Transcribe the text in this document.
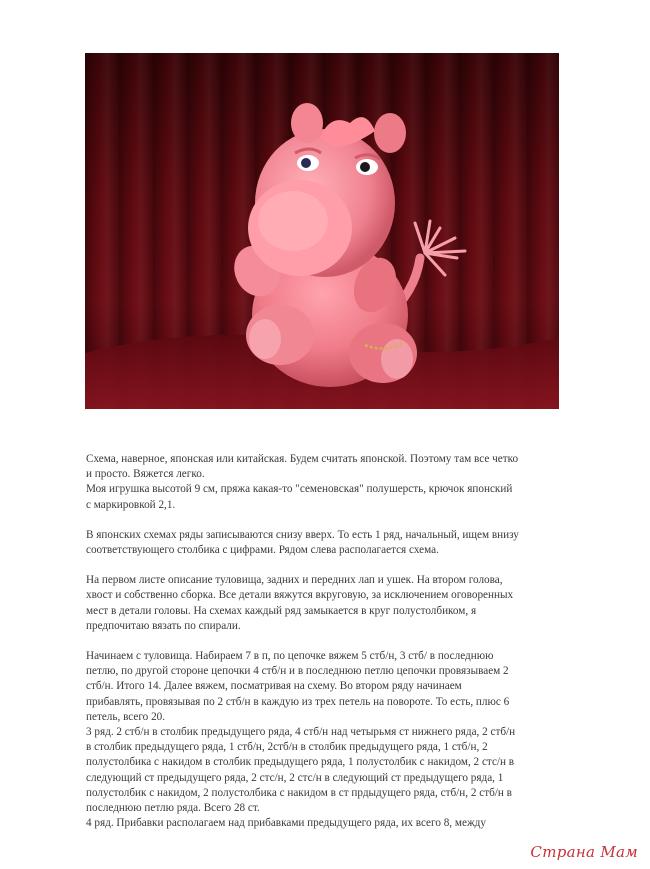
Схема, наверное, японская или китайская. Будем считать японской. Поэтому там все четко
и просто. Вяжется легко.
Моя игрушка высотой 9 см, пряжа какая-то "семеновская" полушерсть, крючок японский
с маркировкой 2,1.

В японских схемах ряды записываются снизу вверх. То есть 1 ряд, начальный, ищем внизу
соответствующего столбика с цифрами. Рядом слева располагается схема.

На первом листе описание туловища, задних и передних лап и ушек. На втором голова,
хвост и собственно сборка. Все детали вяжутся вкруговую, за исключением оговоренных
мест в детали головы. На схемах каждый ряд замыкается в круг полустолбиком, я
предпочитаю вязать по спирали.

Начинаем с туловища. Набираем 7 в п, по цепочке вяжем 5 стб/н, 3 стб/ в последнюю
петлю, по другой стороне цепочки 4 стб/н и в последнюю петлю цепочки провязываем 2
стб/н. Итого 14. Далее вяжем, посматривая на схему. Во втором ряду начинаем
прибавлять, провязывая по 2 стб/н в каждую из трех петель на повороте. То есть, плюс 6
петель, всего 20.
3 ряд. 2 стб/н в столбик предыдущего ряда, 4 стб/н над четырьмя ст нижнего ряда, 2 стб/н
в столбик предыдущего ряда, 1 стб/н, 2стб/н в столбик предыдущего ряда, 1 стб/н, 2
полустолбика с накидом в столбик предыдущего ряда, 1 полустолбик с накидом, 2 стс/н в
следующий ст предыдущего ряда, 2 стс/н, 2 стс/н в следующий ст предыдущего ряда, 1
полустолбик с накидом, 2 полустолбика с накидом в ст прдыдущего ряда, стб/н, 2 стб/н в
последнюю петлю ряда. Всего 28 ст.
4 ряд. Прибавки располагаем над прибавками предыдущего ряда, их всего 8, между

Страна Мам
